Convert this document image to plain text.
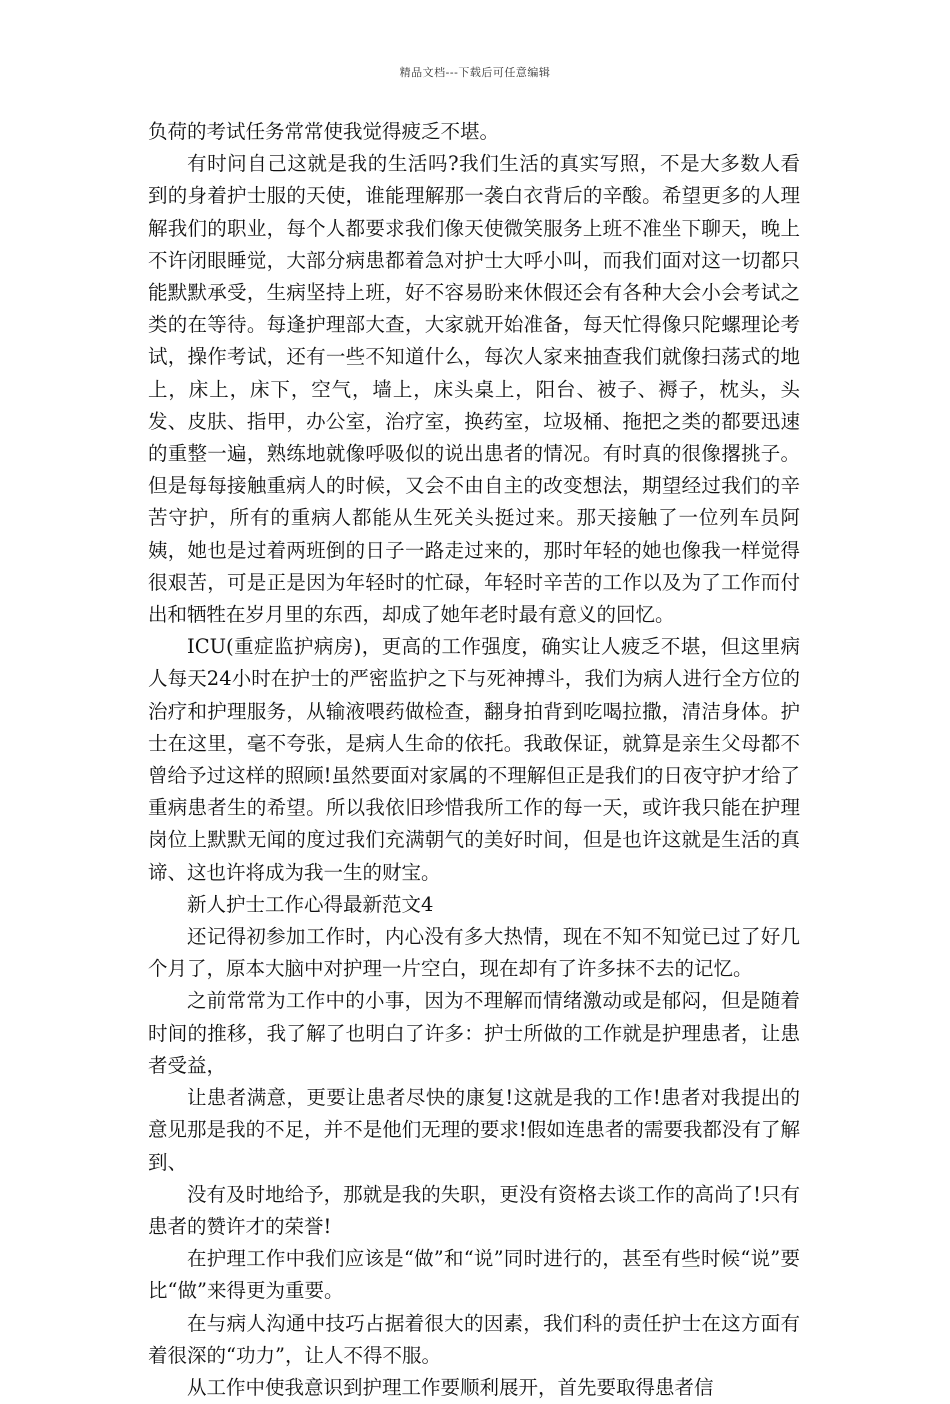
精品文档---下载后可任意编辑

负荷的考试任务常常使我觉得疲乏不堪。

有时问自己这就是我的生活吗?我们生活的真实写照，不是大多数人看到的身着护士服的天使，谁能理解那一袭白衣背后的辛酸。希望更多的人理解我们的职业，每个人都要求我们像天使微笑服务上班不准坐下聊天，晚上不许闭眼睡觉，大部分病患都着急对护士大呼小叫，而我们面对这一切都只能默默承受，生病坚持上班，好不容易盼来休假还会有各种大会小会考试之类的在等待。每逢护理部大查，大家就开始准备，每天忙得像只陀螺理论考试，操作考试，还有一些不知道什么，每次人家来抽查我们就像扫荡式的地上，床上，床下，空气，墙上，床头桌上，阳台、被子、褥子，枕头，头发、皮肤、指甲，办公室，治疗室，换药室，垃圾桶、拖把之类的都要迅速的重整一遍，熟练地就像呼吸似的说出患者的情况。有时真的很像撂挑子。但是每每接触重病人的时候，又会不由自主的改变想法，期望经过我们的辛苦守护，所有的重病人都能从生死关头挺过来。那天接触了一位列车员阿姨，她也是过着两班倒的日子一路走过来的，那时年轻的她也像我一样觉得很艰苦，可是正是因为年轻时的忙碌，年轻时辛苦的工作以及为了工作而付出和牺牲在岁月里的东西，却成了她年老时最有意义的回忆。

ICU(重症监护病房)，更高的工作强度，确实让人疲乏不堪，但这里病人每天24小时在护士的严密监护之下与死神搏斗，我们为病人进行全方位的治疗和护理服务，从输液喂药做检查，翻身拍背到吃喝拉撒，清洁身体。护士在这里，毫不夸张，是病人生命的依托。我敢保证，就算是亲生父母都不曾给予过这样的照顾!虽然要面对家属的不理解但正是我们的日夜守护才给了重病患者生的希望。所以我依旧珍惜我所工作的每一天，或许我只能在护理岗位上默默无闻的度过我们充满朝气的美好时间，但是也许这就是生活的真谛、这也许将成为我一生的财宝。

新人护士工作心得最新范文4

还记得初参加工作时，内心没有多大热情，现在不知不知觉已过了好几个月了，原本大脑中对护理一片空白，现在却有了许多抹不去的记忆。

之前常常为工作中的小事，因为不理解而情绪激动或是郁闷，但是随着时间的推移，我了解了也明白了许多：护士所做的工作就是护理患者，让患者受益，

让患者满意，更要让患者尽快的康复!这就是我的工作!患者对我提出的意见那是我的不足，并不是他们无理的要求!假如连患者的需要我都没有了解到、

没有及时地给予，那就是我的失职，更没有资格去谈工作的高尚了!只有患者的赞许才的荣誉!

在护理工作中我们应该是“做”和“说”同时进行的，甚至有些时候“说”要比“做”来得更为重要。

在与病人沟通中技巧占据着很大的因素，我们科的责任护士在这方面有着很深的“功力”，让人不得不服。

从工作中使我意识到护理工作要顺利展开，首先要取得患者信
